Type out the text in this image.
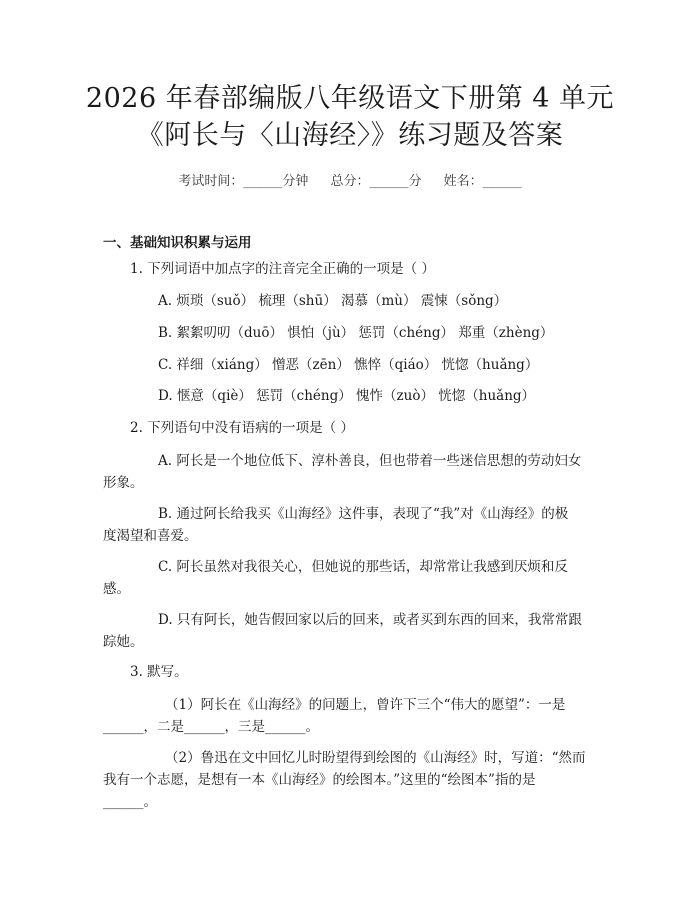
2026 年春部编版八年级语文下册第 4 单元
《阿长与〈山海经〉》练习题及答案
考试时间：______分钟 总分：______分 姓名：______
一、基础知识积累与运用
1. 下列词语中加点字的注音完全正确的一项是（ ）
A. 烦琐（suǒ） 梳理（shū） 渴慕（mù） 震悚（sǒng）
B. 絮絮叨叨（duō） 惧怕（jù） 惩罚（chéng） 郑重（zhèng）
C. 祥细（xiáng） 憎恶（zēn） 憔悴（qiáo） 恍惚（huǎng）
D. 惬意（qiè） 惩罚（chéng） 愧怍（zuò） 恍惚（huǎng）
2. 下列语句中没有语病的一项是（ ）
A. 阿长是一个地位低下、淳朴善良，但也带着一些迷信思想的劳动妇女
形象。
B. 通过阿长给我买《山海经》这件事，表现了“我”对《山海经》的极
度渴望和喜爱。
C. 阿长虽然对我很关心，但她说的那些话，却常常让我感到厌烦和反
感。
D. 只有阿长，她告假回家以后的回来，或者买到东西的回来，我常常跟
踪她。
3. 默写。
（1）阿长在《山海经》的问题上，曾许下三个“伟大的愿望”：一是
______，二是______，三是______。
（2）鲁迅在文中回忆儿时盼望得到绘图的《山海经》时，写道：“然而
我有一个志愿，是想有一本《山海经》的绘图本。”这里的“绘图本”指的是
______。
